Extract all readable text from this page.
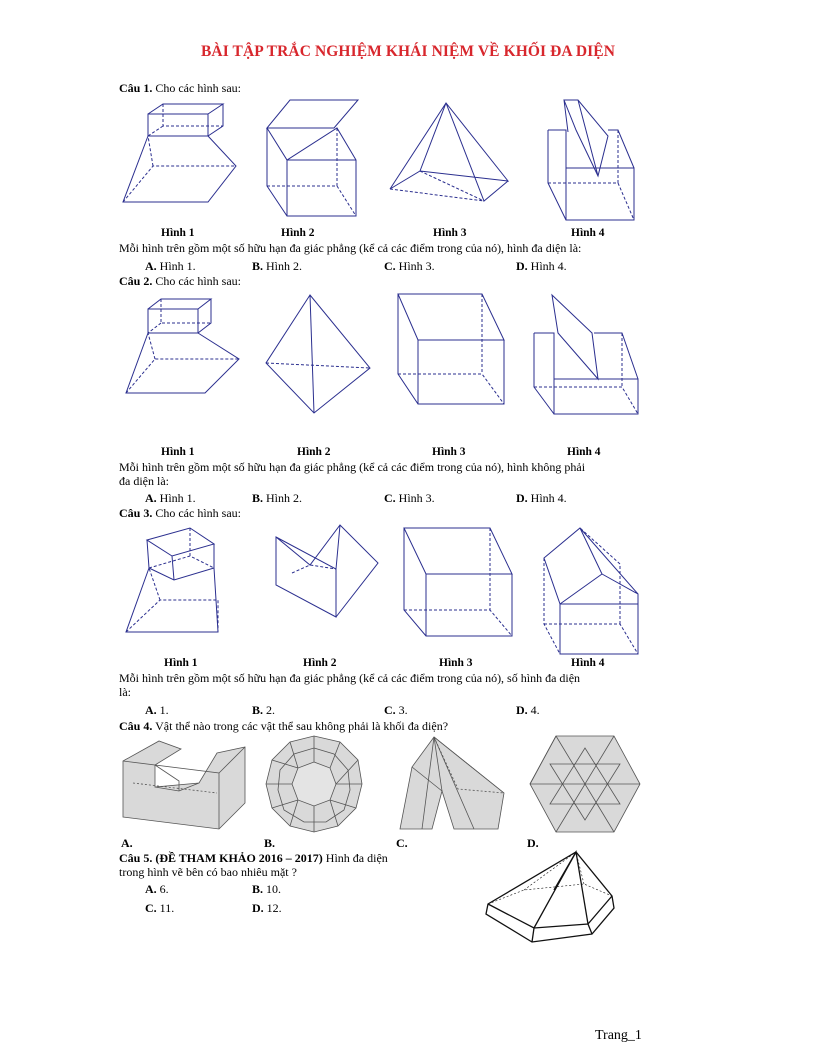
BÀI TẬP TRẮC NGHIỆM KHÁI NIỆM VỀ KHỐI ĐA DIỆN
Câu 1. Cho các hình sau:
Hình 1	Hình 2	Hình 3	Hình 4
Mỗi hình trên gồm một số hữu hạn đa giác phẳng (kể cả các điểm trong của nó), hình đa diện là:
A. Hình 1.	B. Hình 2.	C. Hình 3.	D. Hình 4.
Câu 2. Cho các hình sau:
Hình 1	Hình 2	Hình 3	Hình 4
Mỗi hình trên gồm một số hữu hạn đa giác phẳng (kể cả các điểm trong của nó), hình không phải
đa diện là:
A. Hình 1.	B. Hình 2.	C. Hình 3.	D. Hình 4.
Câu 3. Cho các hình sau:
Hình 1	Hình 2	Hình 3	Hình 4
Mỗi hình trên gồm một số hữu hạn đa giác phẳng (kể cả các điểm trong của nó), số hình đa diện
là:
A. 1.	B. 2.	C. 3.	D. 4.
Câu 4. Vật thể nào trong các vật thể sau không phải là khối đa diện?
A.	B.	C.	D.
Câu 5. (ĐỀ THAM KHẢO 2016 – 2017) Hình đa diện
trong hình vẽ bên có bao nhiêu mặt ?
A. 6.	B. 10.
C. 11.	D. 12.
Trang_1
